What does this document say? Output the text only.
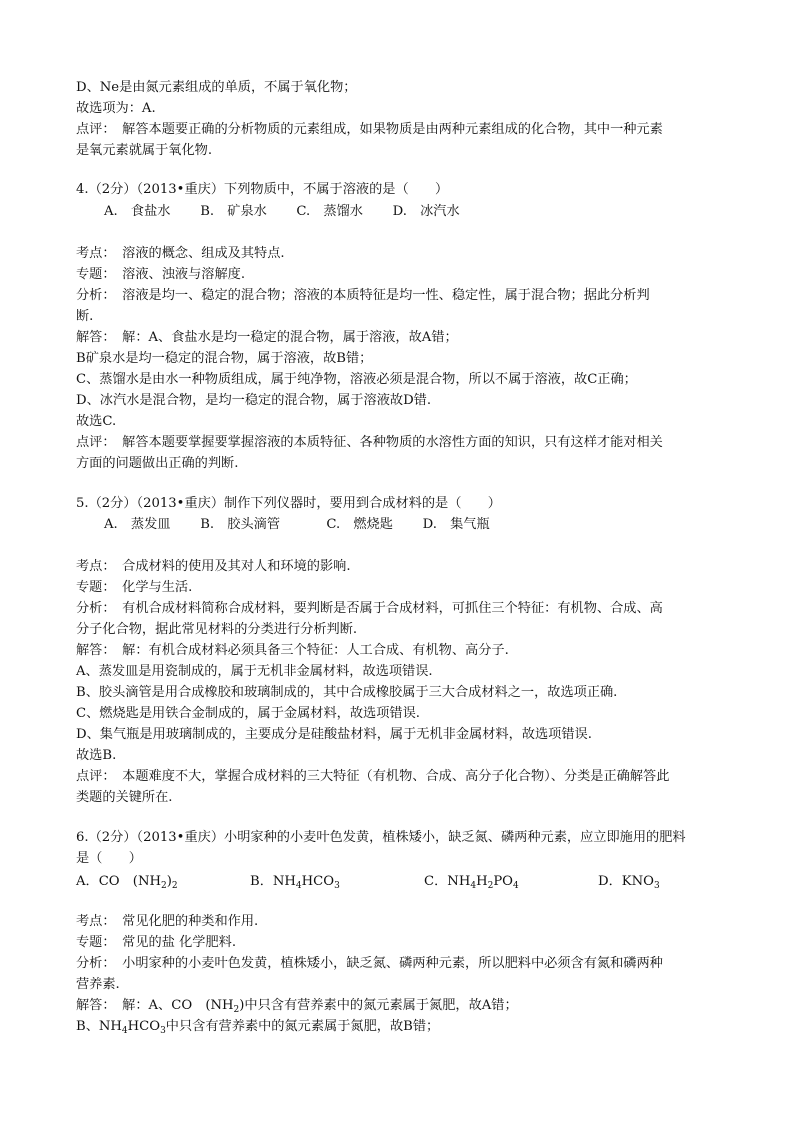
D、Ne是由氮元素组成的单质，不属于氧化物；
故选项为：A.
点评：　解答本题要正确的分析物质的元素组成，如果物质是由两种元素组成的化合物，其中一种元素
是氧元素就属于氧化物.
4.（2分）（2013•重庆）下列物质中，不属于溶液的是（　　）
A.　食盐水 B.　矿泉水 C.　蒸馏水 D.　冰汽水
考点：　溶液的概念、组成及其特点.
专题：　溶液、浊液与溶解度.
分析：　溶液是均一、稳定的混合物；溶液的本质特征是均一性、稳定性，属于混合物；据此分析判
断.
解答：　解：A、食盐水是均一稳定的混合物，属于溶液，故A错；
B矿泉水是均一稳定的混合物，属于溶液，故B错；
C、蒸馏水是由水一种物质组成，属于纯净物，溶液必须是混合物，所以不属于溶液，故C正确；
D、冰汽水是混合物，是均一稳定的混合物，属于溶液故D错.
故选C.
点评：　解答本题要掌握要掌握溶液的本质特征、各种物质的水溶性方面的知识，只有这样才能对相关
方面的问题做出正确的判断.
5.（2分）（2013•重庆）制作下列仪器时，要用到合成材料的是（　　）
A.　蒸发皿 B.　胶头滴管	C.　燃烧匙 D.　集气瓶
考点：　合成材料的使用及其对人和环境的影响.
专题：　化学与生活.
分析：　有机合成材料简称合成材料，要判断是否属于合成材料，可抓住三个特征：有机物、合成、高
分子化合物，据此常见材料的分类进行分析判断.
解答：　解：有机合成材料必须具备三个特征：人工合成、有机物、高分子.
A、蒸发皿是用瓷制成的，属于无机非金属材料，故选项错误.
B、胶头滴管是用合成橡胶和玻璃制成的，其中合成橡胶属于三大合成材料之一，故选项正确.
C、燃烧匙是用铁合金制成的，属于金属材料，故选项错误.
D、集气瓶是用玻璃制成的，主要成分是硅酸盐材料，属于无机非金属材料，故选项错误.
故选B.
点评：　本题难度不大，掌握合成材料的三大特征（有机物、合成、高分子化合物）、分类是正确解答此
类题的关键所在.
6.（2分）（2013•重庆）小明家种的小麦叶色发黄，植株矮小，缺乏氮、磷两种元素，应立即施用的肥料
是（　　）
A．CO　$(NH_2)_2$	B．$NH_4HCO_3$	C．$NH_4H_2PO_4$	D．$KNO_3$
考点：　常见化肥的种类和作用.
专题：　常见的盐 化学肥料.
分析：　小明家种的小麦叶色发黄，植株矮小，缺乏氮、磷两种元素，所以肥料中必须含有氮和磷两种
营养素.
解答：　解：A、CO　$(NH_2)$中只含有营养素中的氮元素属于氮肥，故A错；
B、$NH_4HCO_3$中只含有营养素中的氮元素属于氮肥，故B错；
